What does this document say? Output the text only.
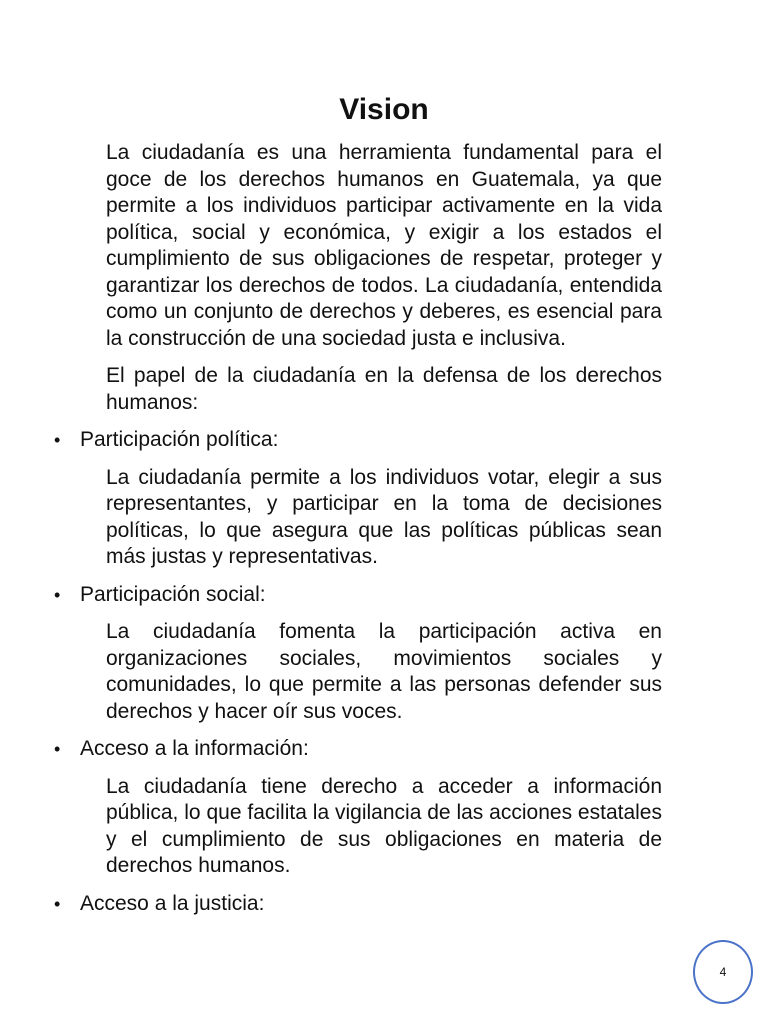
Vision

La ciudadanía es una herramienta fundamental para el goce de los derechos humanos en Guatemala, ya que permite a los individuos participar activamente en la vida política, social y económica, y exigir a los estados el cumplimiento de sus obligaciones de respetar, proteger y garantizar los derechos de todos. La ciudadanía, entendida como un conjunto de derechos y deberes, es esencial para la construcción de una sociedad justa e inclusiva.

El papel de la ciudadanía en la defensa de los derechos humanos:

• Participación política:

La ciudadanía permite a los individuos votar, elegir a sus representantes, y participar en la toma de decisiones políticas, lo que asegura que las políticas públicas sean más justas y representativas.

• Participación social:

La ciudadanía fomenta la participación activa en organizaciones sociales, movimientos sociales y comunidades, lo que permite a las personas defender sus derechos y hacer oír sus voces.

• Acceso a la información:

La ciudadanía tiene derecho a acceder a información pública, lo que facilita la vigilancia de las acciones estatales y el cumplimiento de sus obligaciones en materia de derechos humanos.

• Acceso a la justicia:
4
